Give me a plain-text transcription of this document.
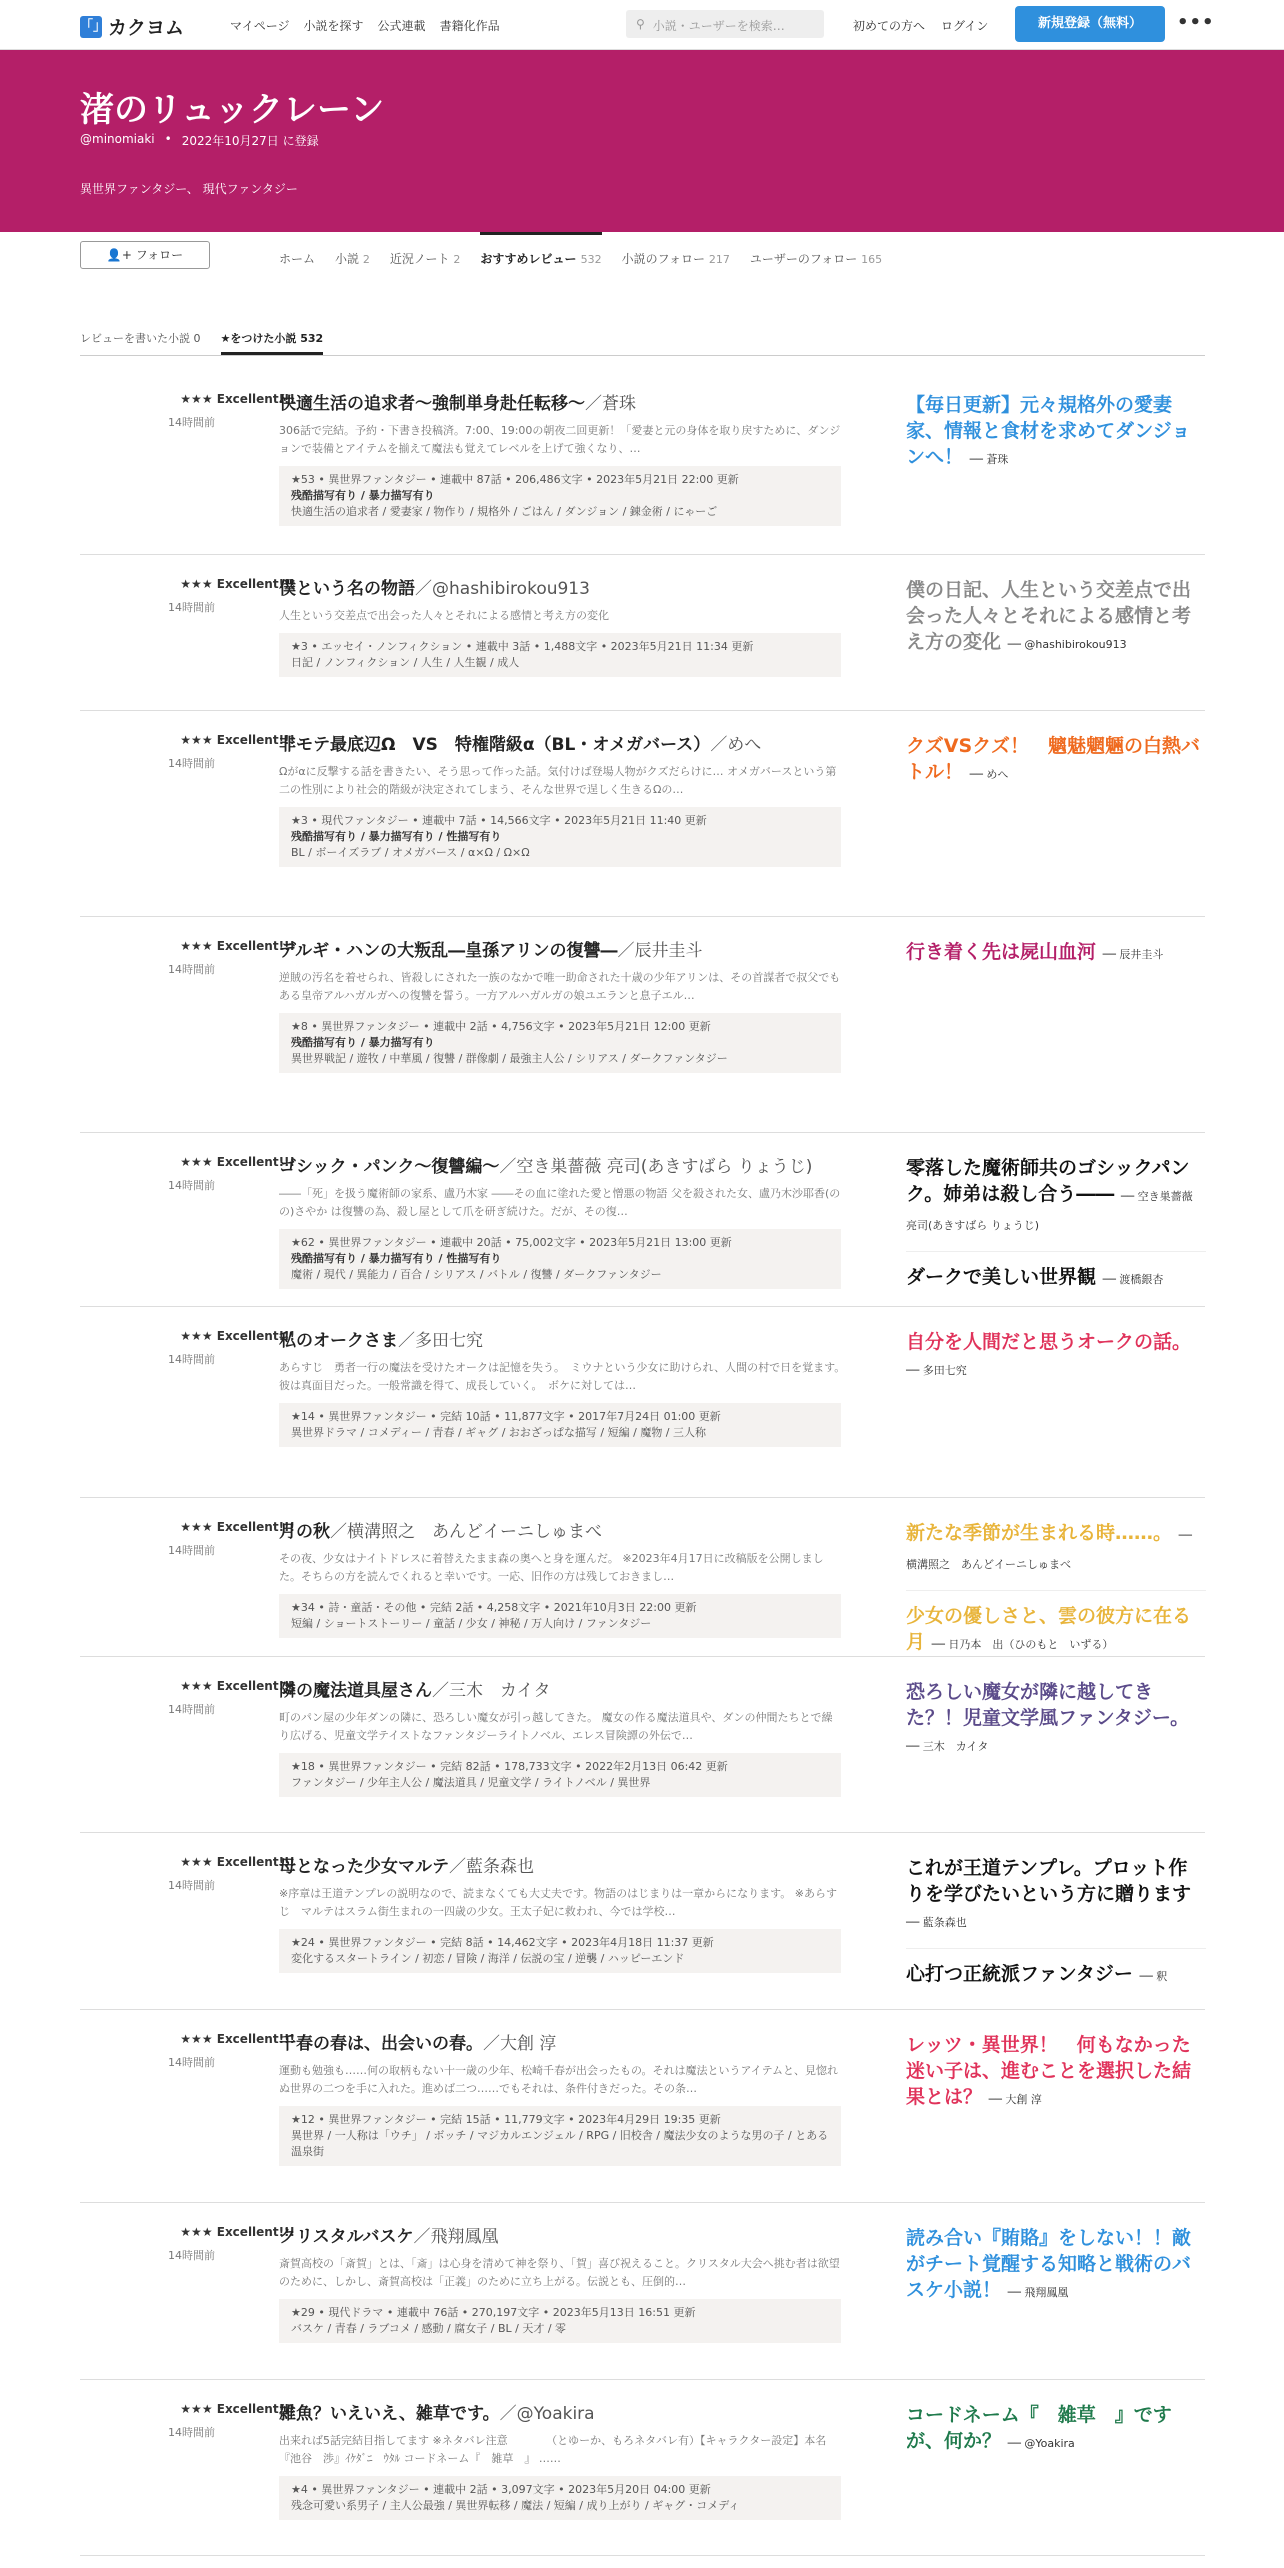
「」 カクヨム	マイページ 小説を探す 公式連載 書籍化作品	⚲ 小説・ユーザーを検索…	初めての方へ ログイン	新規登録（無料）	•••
渚のリュックレーン
@minomiaki • 2022年10月27日 に登録
異世界ファンタジー、 現代ファンタジー
👤+ フォロー	ホーム 小説 2 近況ノート 2 おすすめレビュー 532 小説のフォロー 217 ユーザーのフォロー 165
レビューを書いた小説 0 ★をつけた小説 532
★★★ Excellent!!!
14時間前
快適生活の追求者～強制単身赴任転移～／蒼珠
306話で完結。予約・下書き投稿済。7:00、19:00の朝夜二回更新！「愛妻と元の身体を取り戻すために、ダンジョンで装備とアイテムを揃えて魔法も覚えてレベルを上げて強くなり、…
★53 • 異世界ファンタジー • 連載中 87話 • 206,486文字 • 2023年5月21日 22:00 更新
残酷描写有り / 暴力描写有り
快適生活の追求者 / 愛妻家 / 物作り / 規格外 / ごはん / ダンジョン / 錬金術 / にゃーご
【毎日更新】元々規格外の愛妻家、情報と食材を求めてダンジョンへ！ ── 蒼珠
★★★ Excellent!!!
14時間前
僕という名の物語／@hashibirokou913
人生という交差点で出会った人々とそれによる感情と考え方の変化
★3 • エッセイ・ノンフィクション • 連載中 3話 • 1,488文字 • 2023年5月21日 11:34 更新
日記 / ノンフィクション / 人生 / 人生観 / 成人
僕の日記、人生という交差点で出会った人々とそれによる感情と考え方の変化 ── @hashibirokou913
★★★ Excellent!!!
14時間前
非モテ最底辺Ω　VS　特権階級α（BL・オメガバース）／めへ
Ωがαに反撃する話を書きたい、そう思って作った話。気付けば登場人物がクズだらけに… オメガバースという第二の性別により社会的階級が決定されてしまう、そんな世界で逞しく生きるΩの…
★3 • 現代ファンタジー • 連載中 7話 • 14,566文字 • 2023年5月21日 11:40 更新
残酷描写有り / 暴力描写有り / 性描写有り
BL / ボーイズラブ / オメガバース / α×Ω / Ω×Ω
クズVSクズ！　魑魅魍魎の白熱バトル！ ── めへ
★★★ Excellent!!!
14時間前
デルギ・ハンの大叛乱―皇孫アリンの復讐―／辰井圭斗
逆賊の汚名を着せられ、皆殺しにされた一族のなかで唯一助命された十歳の少年アリンは、その首謀者で叔父でもある皇帝アルハガルガへの復讐を誓う。一方アルハガルガの娘ユエランと息子エル…
★8 • 異世界ファンタジー • 連載中 2話 • 4,756文字 • 2023年5月21日 12:00 更新
残酷描写有り / 暴力描写有り
異世界戦記 / 遊牧 / 中華風 / 復讐 / 群像劇 / 最強主人公 / シリアス / ダークファンタジー
行き着く先は屍山血河 ── 辰井圭斗
★★★ Excellent!!!
14時間前
ゴシック・パンク〜復讐編〜／空き巣薔薇 亮司(あきすばら りょうじ)
――「死」を扱う魔術師の家系、盧乃木家 ――その血に塗れた愛と憎悪の物語 父を殺された女、盧乃木沙耶香(のの)さやか は復讐の為、殺し屋として爪を研ぎ続けた。だが、その復…
★62 • 異世界ファンタジー • 連載中 20話 • 75,002文字 • 2023年5月21日 13:00 更新
残酷描写有り / 暴力描写有り / 性描写有り
魔術 / 現代 / 異能力 / 百合 / シリアス / バトル / 復讐 / ダークファンタジー
零落した魔術師共のゴシックパンク。姉弟は殺し合う―― ── 空き巣薔薇 亮司(あきすばら りょうじ)
ダークで美しい世界観 ── 渡橋銀杏
★★★ Excellent!!!
14時間前
私のオークさま／多田七究
あらすじ　勇者一行の魔法を受けたオークは記憶を失う。　ミウナという少女に助けられ、人間の村で日を覚ます。　彼は真面目だった。一般常識を得て、成長していく。　ボケに対しては…
★14 • 異世界ファンタジー • 完結 10話 • 11,877文字 • 2017年7月24日 01:00 更新
異世界ドラマ / コメディー / 青春 / ギャグ / おおざっぱな描写 / 短編 / 魔物 / 三人称
自分を人間だと思うオークの話。 ── 多田七究
★★★ Excellent!!!
14時間前
月の秋／横溝照之　あんどイーニしゅまべ
その夜、少女はナイトドレスに着替えたまま森の奥へと身を運んだ。 ※2023年4月17日に改稿版を公開しました。そちらの方を読んでくれると幸いです。一応、旧作の方は残しておきまし…
★34 • 詩・童話・その他 • 完結 2話 • 4,258文字 • 2021年10月3日 22:00 更新
短編 / ショートストーリー / 童話 / 少女 / 神秘 / 万人向け / ファンタジー
新たな季節が生まれる時……。 ── 横溝照之　あんどイーニしゅまべ
少女の優しさと、雲の彼方に在る月 ── 日乃本　出（ひのもと　いずる）
★★★ Excellent!!!
14時間前
隣の魔法道具屋さん／三木　カイタ
町のパン屋の少年ダンの隣に、恐ろしい魔女が引っ越してきた。 魔女の作る魔法道具や、ダンの仲間たちとで繰り広げる、児童文学テイストなファンタジーライトノベル、エレス冒険譚の外伝で…
★18 • 異世界ファンタジー • 完結 82話 • 178,733文字 • 2022年2月13日 06:42 更新
ファンタジー / 少年主人公 / 魔法道具 / 児童文学 / ライトノベル / 異世界
恐ろしい魔女が隣に越してきた？！児童文学風ファンタジー。 ── 三木　カイタ
★★★ Excellent!!!
14時間前
母となった少女マルテ／藍条森也
※序章は王道テンプレの説明なので、読まなくても大丈夫です。物語のはじまりは一章からになります。 ※あらすじ　マルテはスラム街生まれの一四歳の少女。王太子妃に救われ、今では学校…
★24 • 異世界ファンタジー • 完結 8話 • 14,462文字 • 2023年4月18日 11:37 更新
変化するスタートライン / 初恋 / 冒険 / 海洋 / 伝説の宝 / 逆襲 / ハッピーエンド
これが王道テンプレ。プロット作りを学びたいという方に贈ります ── 藍条森也
心打つ正統派ファンタジー ── 釈
★★★ Excellent!!!
14時間前
千春の春は、出会いの春。／大創 淳
運動も勉強も……何の取柄もない十一歳の少年、松崎千春が出会ったもの。それは魔法というアイテムと、見惚れぬ世界の二つを手に入れた。進めば二つ……でもそれは、条件付きだった。その条…
★12 • 異世界ファンタジー • 完結 15話 • 11,779文字 • 2023年4月29日 19:35 更新
異世界 / 一人称は「ウチ」 / ボッチ / マジカルエンジェル / RPG / 旧校舎 / 魔法少女のような男の子 / とある温泉街
レッツ・異世界！　何もなかった迷い子は、進むことを選択した結果とは？ ── 大創 淳
★★★ Excellent!!!
14時間前
クリスタルバスケ／飛翔鳳凰
斎賀高校の「斎賀」とは、「斎」は心身を清めて神を祭り、「賀」喜び祝えること。クリスタル大会へ挑む者は欲望のために、しかし、斎賀高校は「正義」のために立ち上がる。伝説とも、圧倒的…
★29 • 現代ドラマ • 連載中 76話 • 270,197文字 • 2023年5月13日 16:51 更新
バスケ / 青春 / ラブコメ / 感動 / 腐女子 / BL / 天才 / 零
読み合い『賄賂』をしない！！敵がチート覚醒する知略と戦術のバスケ小説！ ── 飛翔鳳凰
★★★ Excellent!!!
14時間前
雑魚？いえいえ、雑草です。／@Yoakira
出来れば5話完結目指してます ※ネタバレ注意　　　　（とゆーか、もろネタバレ有）【キャラクター設定】本名　『池谷　渉』ｲｹﾀﾞﾆ　ｳﾀﾙ コードネーム『　雑草　』 ……
★4 • 異世界ファンタジー • 連載中 2話 • 3,097文字 • 2023年5月20日 04:00 更新
残念可愛い系男子 / 主人公最強 / 異世界転移 / 魔法 / 短編 / 成り上がり / ギャグ・コメディ
コードネーム『　雑草　』ですが、何か？ ── @Yoakira
